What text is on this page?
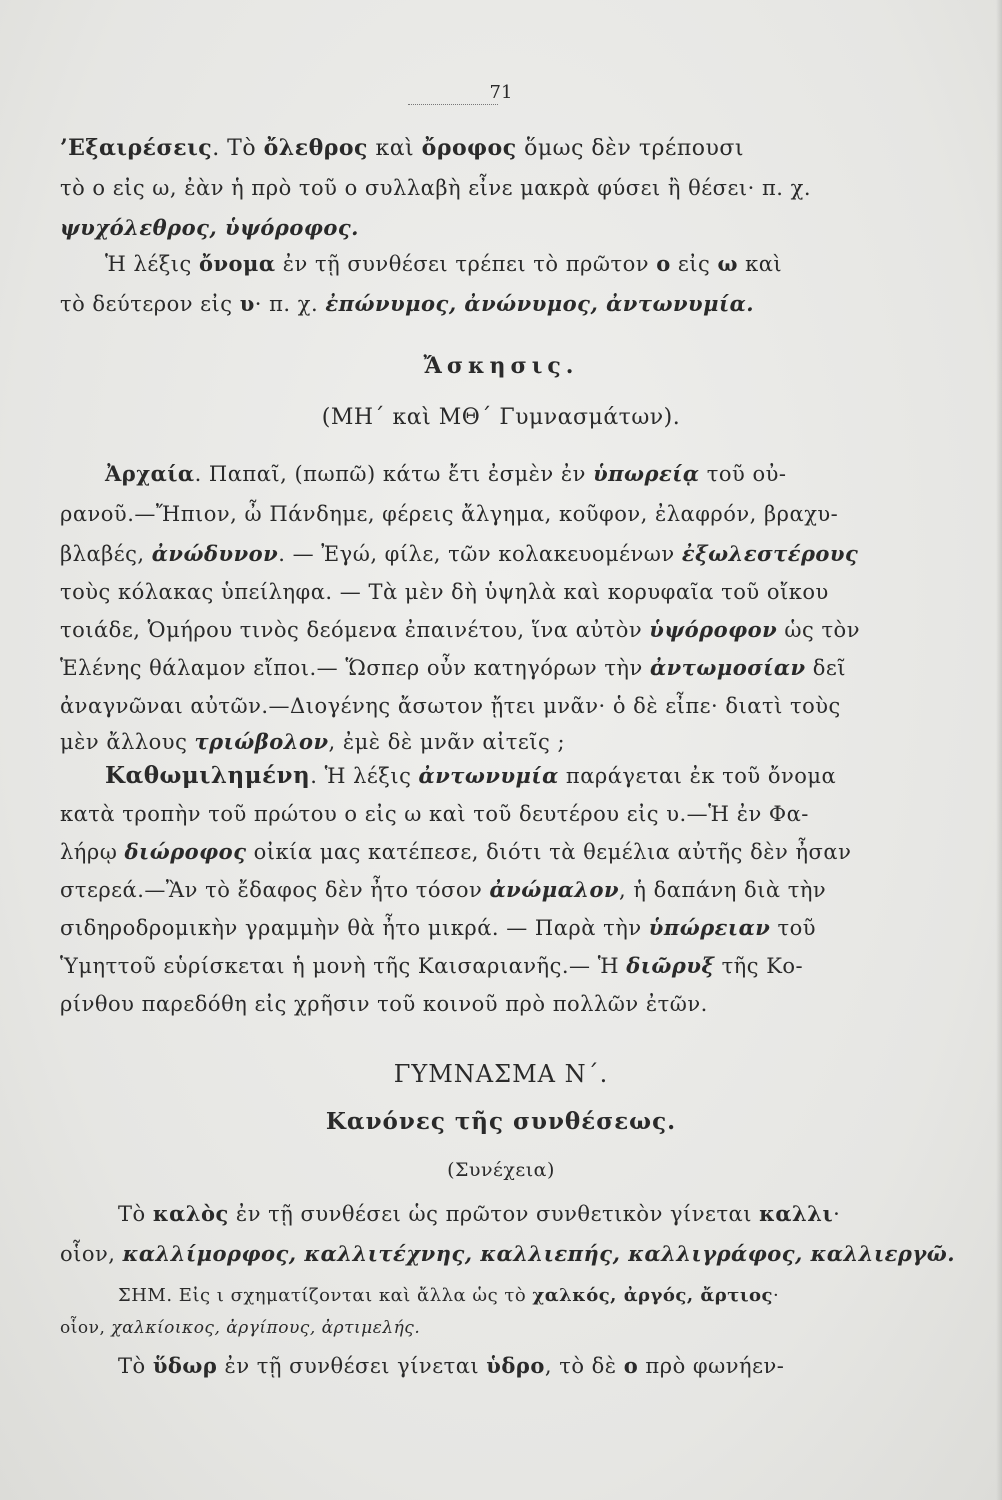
71
’Εξαιρέσεις. Τὸ ὄλεθρος καὶ ὄροφος ὅμως δὲν τρέπουσι
τὸ ο εἰς ω, ἐὰν ἡ πρὸ τοῦ ο συλλαβὴ εἶνε μακρὰ φύσει ἢ θέσει· π. χ.
ψυχόλεθρος, ὑψόροφος.
Ἡ λέξις ὄνομα ἐν τῇ συνθέσει τρέπει τὸ πρῶτον ο εἰς ω καὶ
τὸ δεύτερον εἰς υ· π. χ. ἐπώνυμος, ἀνώνυμος, ἀντωνυμία.
Ἄσκησις.
(ΜΗ΄ καὶ ΜΘ΄ Γυμνασμάτων).
Ἀρχαία. Παπαῖ, (πωπῶ) κάτω ἔτι ἐσμὲν ἐν ὑπωρείᾳ τοῦ οὐ-
ρανοῦ.—Ἤπιον, ὦ Πάνδημε, φέρεις ἄλγημα, κοῦφον, ἐλαφρόν, βραχυ-
βλαβές, ἀνώδυνον. — Ἐγώ, φίλε, τῶν κολακευομένων ἐξωλεστέρους
τοὺς κόλακας ὑπείληφα. — Τὰ μὲν δὴ ὑψηλὰ καὶ κορυφαῖα τοῦ οἴκου
τοιάδε, Ὁμήρου τινὸς δεόμενα ἐπαινέτου, ἵνα αὐτὸν ὑψόροφον ὡς τὸν
Ἑλένης θάλαμον εἴποι.— Ὥσπερ οὖν κατηγόρων τὴν ἀντωμοσίαν δεῖ
ἀναγνῶναι αὐτῶν.—Διογένης ἄσωτον ᾔτει μνᾶν· ὁ δὲ εἶπε· διατὶ τοὺς
μὲν ἄλλους τριώβολον, ἐμὲ δὲ μνᾶν αἰτεῖς ;
Καθωμιλημένη. Ἡ λέξις ἀντωνυμία παράγεται ἐκ τοῦ ὄνομα
κατὰ τροπὴν τοῦ πρώτου ο εἰς ω καὶ τοῦ δευτέρου εἰς υ.—Ἡ ἐν Φα-
λήρῳ διώροφος οἰκία μας κατέπεσε, διότι τὰ θεμέλια αὐτῆς δὲν ἦσαν
στερεά.—Ἂν τὸ ἔδαφος δὲν ἦτο τόσον ἀνώμαλον, ἡ δαπάνη διὰ τὴν
σιδηροδρομικὴν γραμμὴν θὰ ἦτο μικρά. — Παρὰ τὴν ὑπώρειαν τοῦ
Ὑμηττοῦ εὑρίσκεται ἡ μονὴ τῆς Καισαριανῆς.— Ἡ διῶρυξ τῆς Κο-
ρίνθου παρεδόθη εἰς χρῆσιν τοῦ κοινοῦ πρὸ πολλῶν ἐτῶν.
ΓΥΜΝΑΣΜΑ Ν΄.
Κανόνες τῆς συνθέσεως.
(Συνέχεια)
Τὸ καλὸς ἐν τῇ συνθέσει ὡς πρῶτον συνθετικὸν γίνεται καλλι·
οἷον, καλλίμορφος, καλλιτέχνης, καλλιεπής, καλλιγράφος, καλλιεργῶ.
ΣΗΜ. Εἰς ι σχηματίζονται καὶ ἄλλα ὡς τὸ χαλκός, ἀργός, ἄρτιος·
οἷον, χαλκίοικος, ἀργίπους, ἀρτιμελής.
Τὸ ὕδωρ ἐν τῇ συνθέσει γίνεται ὑδρο, τὸ δὲ ο πρὸ φωνήεν-
